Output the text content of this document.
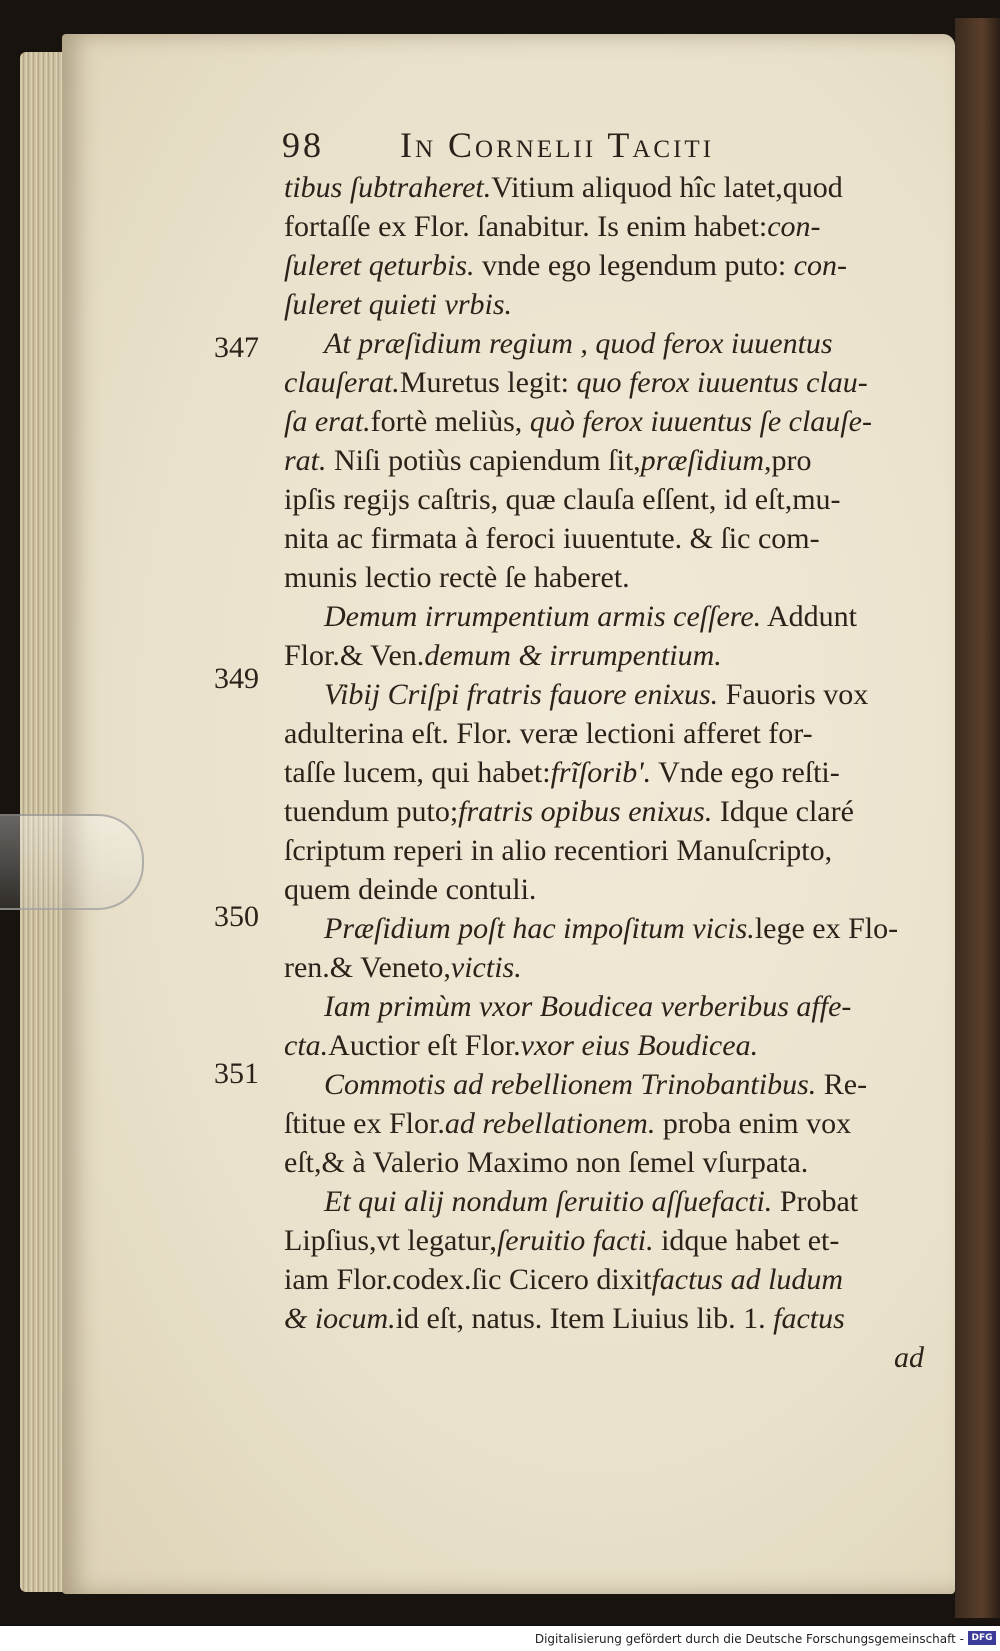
98 In Cornelii Taciti
347
349
350
351
tibus ſubtraheret.Vitium aliquod hîc latet,quod
fortaſſe ex Flor. ſanabitur. Is enim habet:con-
ſuleret qeturbis. vnde ego legendum puto: con-
ſuleret quieti vrbis.
At præſidium regium , quod ferox iuuentus
clauſerat.Muretus legit: quo ferox iuuentus clau-
ſa erat.fortè meliùs, quò ferox iuuentus ſe clauſe-
rat. Niſi potiùs capiendum ſit,præſidium,pro
ipſis regijs caſtris, quæ clauſa eſſent, id eſt,mu-
nita ac firmata à feroci iuuentute. & ſic com-
munis lectio rectè ſe haberet.
Demum irrumpentium armis ceſſere. Addunt
Flor.& Ven.demum & irrumpentium.
Vibij Criſpi fratris fauore enixus. Fauoris vox
adulterina eſt. Flor. veræ lectioni afferet for-
taſſe lucem, qui habet:frĩſorib'. Vnde ego reſti-
tuendum puto;fratris opibus enixus. Idque claré
ſcriptum reperi in alio recentiori Manuſcripto,
quem deinde contuli.
Præſidium poſt hac impoſitum vicis.lege ex Flo-
ren.& Veneto,victis.
Iam primùm vxor Boudicea verberibus affe-
cta.Auctior eſt Flor.vxor eius Boudicea.
Commotis ad rebellionem Trinobantibus. Re-
ſtitue ex Flor.ad rebellationem. proba enim vox
eſt,& à Valerio Maximo non ſemel vſurpata.
Et qui alij nondum ſeruitio aſſuefacti. Probat
Lipſius,vt legatur,ſeruitio facti. idque habet et-
iam Flor.codex.ſic Cicero dixitfactus ad ludum
& iocum.id eſt, natus. Item Liuius lib. 1. factus
ad
Digitalisierung gefördert durch die Deutsche Forschungsgemeinschaft - DFG
